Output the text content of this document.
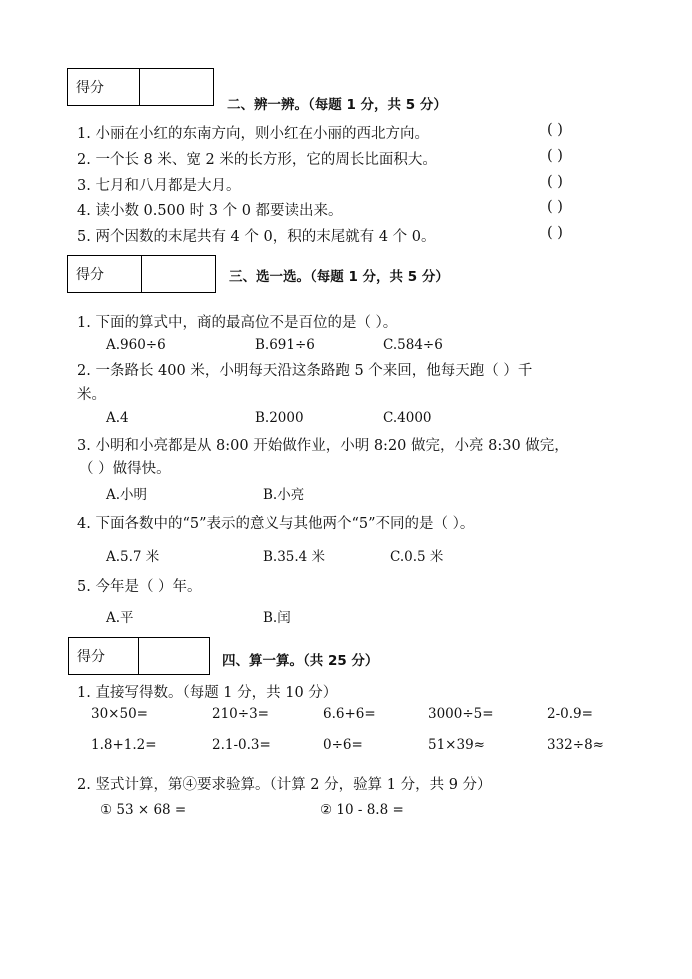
得分
二、辨一辨。（每题 1 分，共 5 分）
1. 小丽在小红的东南方向，则小红在小丽的西北方向。	( )
2. 一个长 8 米、宽 2 米的长方形，它的周长比面积大。	( )
3. 七月和八月都是大月。	( )
4. 读小数 0.500 时 3 个 0 都要读出来。	( )
5. 两个因数的末尾共有 4 个 0，积的末尾就有 4 个 0。	( )
得分	三、选一选。（每题 1 分，共 5 分）
1. 下面的算式中，商的最高位不是百位的是（ ）。
A.960÷6	B.691÷6	C.584÷6
2. 一条路长 400 米，小明每天沿这条路跑 5 个来回，他每天跑（ ）千
米。
A.4	B.2000	C.4000
3. 小明和小亮都是从 8:00 开始做作业，小明 8:20 做完，小亮 8:30 做完，
（ ）做得快。
A.小明	B.小亮
4. 下面各数中的“5”表示的意义与其他两个“5”不同的是（ ）。
A.5.7 米	B.35.4 米	C.0.5 米
5. 今年是（ ）年。
A.平	B.闰
得分	四、算一算。（共 25 分）
1. 直接写得数。（每题 1 分，共 10 分）
30×50=	210÷3=	6.6+6=	3000÷5=	2-0.9=
1.8+1.2=	2.1-0.3=	0÷6=	51×39≈	332÷8≈
2. 竖式计算，第④要求验算。（计算 2 分，验算 1 分，共 9 分）
① 53 × 68 =	② 10 - 8.8 =
